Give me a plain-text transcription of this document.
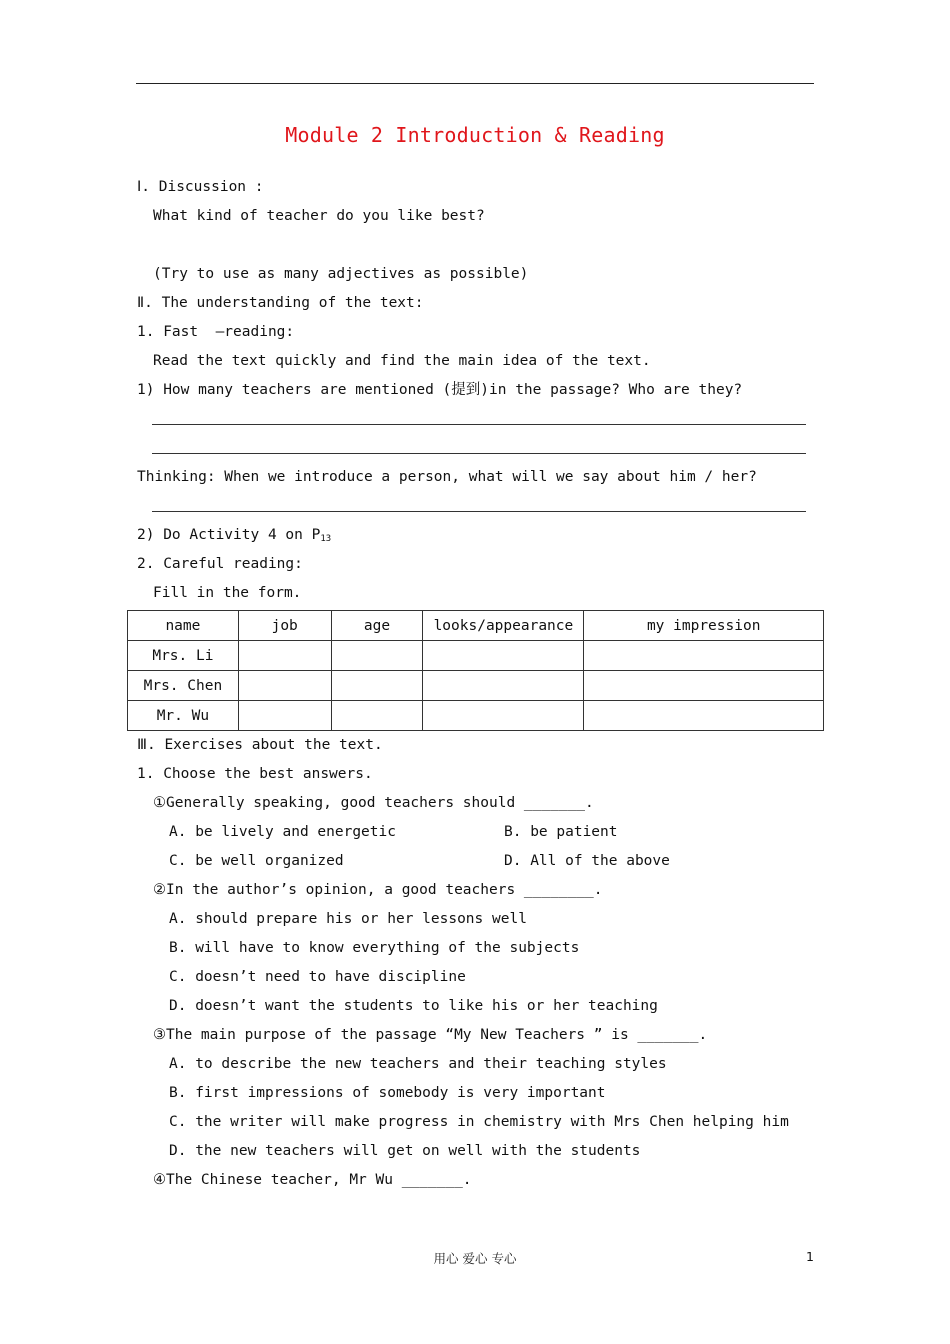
Module 2 Introduction & Reading
Ⅰ. Discussion :
What kind of teacher do you like best?
(Try to use as many adjectives as possible)
Ⅱ. The understanding of the text:
1. Fast  –reading:
Read the text quickly and find the main idea of the text.
1) How many teachers are mentioned (提到)in the passage? Who are they?
Thinking: When we introduce a person, what will we say about him / her?
2) Do Activity 4 on $P_{13}$
2. Careful reading:
Fill in the form.
name	job	age	looks/appearance	my impression
Mrs. Li				
Mrs. Chen				
Mr. Wu				
Ⅲ. Exercises about the text.
1. Choose the best answers.
①Generally speaking, good teachers should _______.
A. be lively and energetic	B. be patient
C. be well organized	D. All of the above
②In the author’s opinion, a good teachers ________.
A. should prepare his or her lessons well
B. will have to know everything of the subjects
C. doesn’t need to have discipline
D. doesn’t want the students to like his or her teaching
③The main purpose of the passage “My New Teachers ” is _______.
A. to describe the new teachers and their teaching styles
B. first impressions of somebody is very important
C. the writer will make progress in chemistry with Mrs Chen helping him
D. the new teachers will get on well with the students
④The Chinese teacher, Mr Wu _______.
用心 爱心 专心	1
